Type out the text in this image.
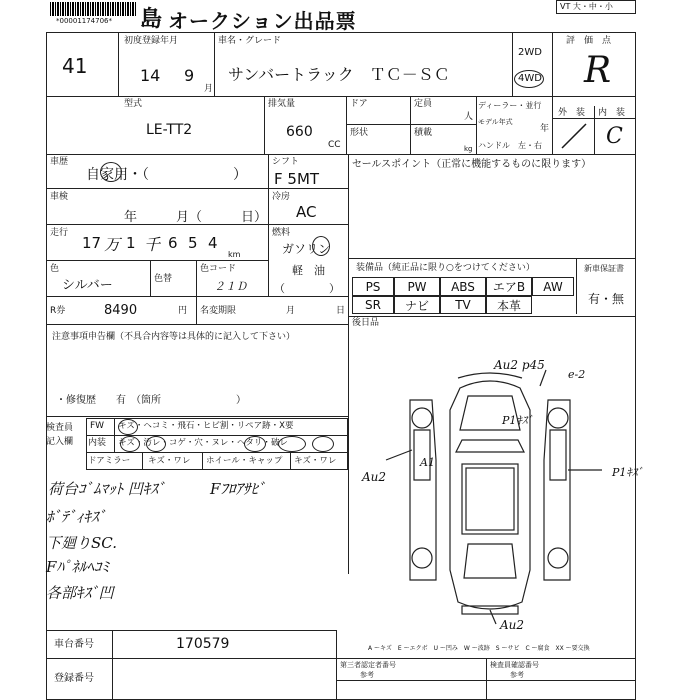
*00001174706* 島 オークション出品票
VT 大・中・小
41
初度登録年月
14 9
月
車名・グレード
サンバートラック　ＴＣ－ＳＣ
2WD
4WD
評　価　点
R
型式
LE-TT2
排気量
660
CC
ドア	定員
人
形状	積載
kg
ディーラー・並行
モデル年式
年
ハンドル　左・右
外　装 内　装
C
車歴
自家用・（　　　　　　）
シフト
F 5MT
セールスポイント（正常に機能するものに限ります）
車検
年　　　月（　　　日）
冷房
AC
走行
17 万 1 千 6 5 4
km
燃料
ガソリン
軽　油
（　　　　）
色
シルバー	色替
色コード
２１Ｄ
装備品（純正品に限り○をつけてください）	新車保証書
有・無
PS	PW	ABS	エアB	AW
SR	ナビ	TV	本革
後日品
R券	8490	円 名変期限	月	日
注意事項申告欄（不具合内容等は具体的に記入して下さい）
・修復歴 有　（箇所	）
検査員
記入欄
FW キズ・ヘコミ・飛石・ヒビ割・リペア跡・X要
内装 キズ・汚レ・コゲ・穴・ヌレ・ヘタリ・破レ
ドアミラー キズ・ワレ ホイール・キャップ キズ・ワレ
荷台ｺﾞﾑﾏｯﾄ 凹ｷｽﾞ	Fﾌﾛｱｻﾋﾞ
ﾎﾞﾃﾞｨｷｽﾞ
下廻りSC.
Fﾊﾟﾈﾙﾍｺﾐ
各部ｷｽﾞ凹
Au2 p45
e-2
P1ｷｽﾞ
A1
Au2	P1ｷｽﾞ
Au2
A ーキズ　E ーエクボ　U ー凹み　W ー波跡　S ーサビ　C ー腐食　XX ー要交換
車台番号	170579
登録番号
第三者認定者番号
参考
検査員確認番号
参考
